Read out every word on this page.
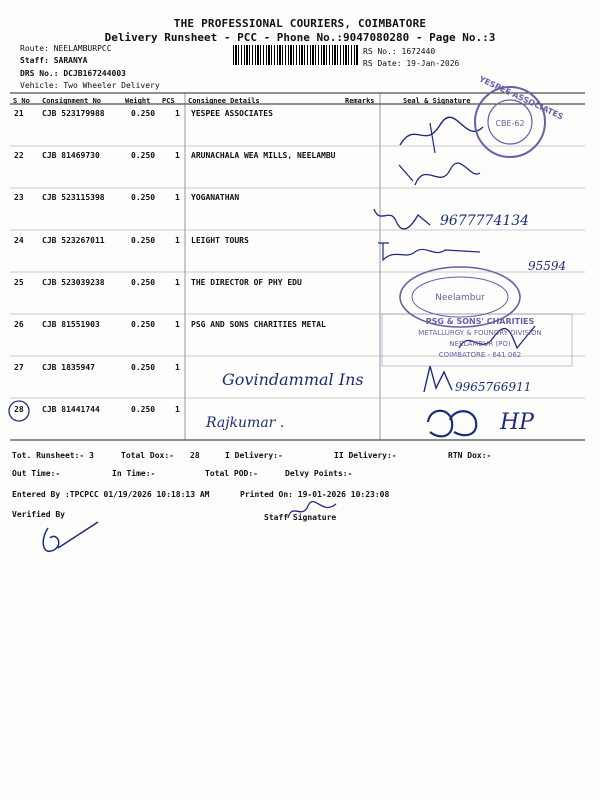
THE PROFESSIONAL COURIERS, COIMBATORE
Delivery Runsheet - PCC - Phone No.:9047080280 - Page No.:3
Route: NEELAMBURPCC
Staff: SARANYA
DRS No.: DCJB167244003
Vehicle: Two Wheeler Delivery
RS No.: 1672440
RS Date: 19-Jan-2026
S No Consignment No	Weight PCS Consignee Details	Remarks	Seal & Signature
21 CJB 523179988	0.250 1 YESPEE ASSOCIATES
22 CJB 81469730	0.250 1 ARUNACHALA WEA MILLS, NEELAMBU
23 CJB 523115398	0.250 1 YOGANATHAN
24 CJB 523267011	0.250 1 LEIGHT TOURS
25 CJB 523039238	0.250 1 THE DIRECTOR OF PHY EDU
26 CJB 81551903	0.250 1 PSG AND SONS CHARITIES METAL
27 CJB 1835947	0.250 1
28 CJB 81441744	0.250 1
9677774134
95594
Govindammal Ins	9965766911
Rajkumar .	HP
YESPEE ASSOCIATES
CBE-62
Neelambur
PSG & SONS' CHARITIES
METALLURGY & FOUNDRY DIVISION
NEELAMBUR (PO)
COIMBATORE - 641 062
Tot. Runsheet:- 3	Total Dox:- 28	I Delivery:-	II Delivery:-	RTN Dox:-
Out Time:-	In Time:-	Total POD:-	Delvy Points:-
Entered By :TPCPCC 01/19/2026 10:18:13 AM	Printed On: 19-01-2026 10:23:08
Verified By	Staff Signature
